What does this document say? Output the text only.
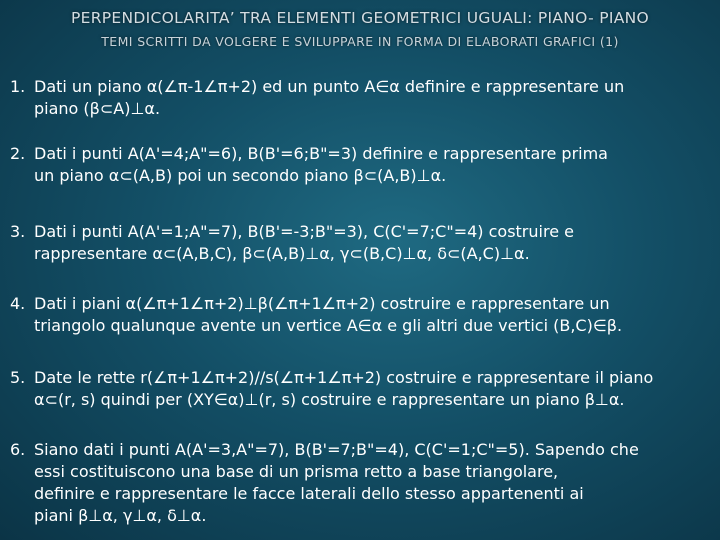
PERPENDICOLARITA’ TRA ELEMENTI GEOMETRICI UGUALI: PIANO- PIANO
TEMI SCRITTI DA VOLGERE E SVILUPPARE IN FORMA DI ELABORATI GRAFICI (1)
1. Dati un piano α(∠π-1∠π+2) ed un punto A∈α definire e rappresentare un
piano (β⊂A)⊥α.
2. Dati i punti A(A'=4;A"=6), B(B'=6;B"=3) definire e rappresentare prima
un piano α⊂(A,B) poi un secondo piano β⊂(A,B)⊥α.
3. Dati i punti A(A'=1;A"=7), B(B'=-3;B"=3), C(C'=7;C"=4) costruire e
rappresentare α⊂(A,B,C), β⊂(A,B)⊥α, γ⊂(B,C)⊥α, δ⊂(A,C)⊥α.
4. Dati i piani α(∠π+1∠π+2)⊥β(∠π+1∠π+2) costruire e rappresentare un
triangolo qualunque avente un vertice A∈α e gli altri due vertici (B,C)∈β.
5. Date le rette r(∠π+1∠π+2)//s(∠π+1∠π+2) costruire e rappresentare il piano
α⊂(r, s) quindi per (XY∈α)⊥(r, s) costruire e rappresentare un piano β⊥α.
6. Siano dati i punti A(A'=3,A"=7), B(B'=7;B"=4), C(C'=1;C"=5). Sapendo che
essi costituiscono una base di un prisma retto a base triangolare,
definire e rappresentare le facce laterali dello stesso appartenenti ai
piani β⊥α, γ⊥α, δ⊥α.
